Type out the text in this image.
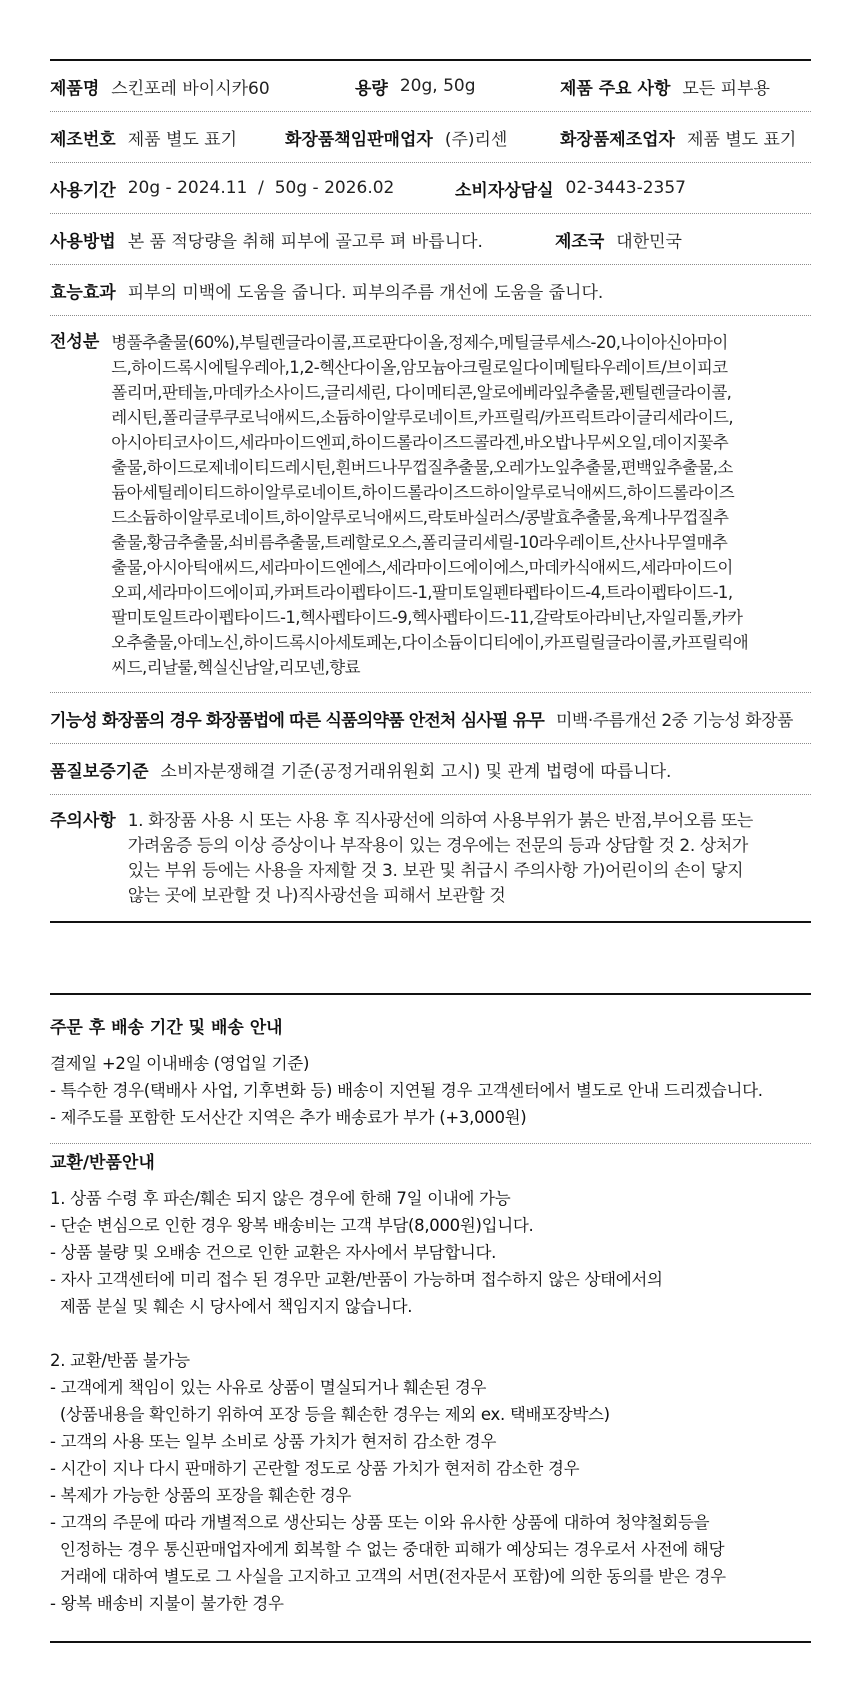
제품명 스킨포레 바이시카60	용량 20g, 50g	제품 주요 사항 모든 피부용
제조번호 제품 별도 표기	화장품책임판매업자 (주)리센	화장품제조업자 제품 별도 표기
사용기간 20g - 2024.11  /  50g - 2026.02	소비자상담실 02-3443-2357
사용방법 본 품 적당량을 취해 피부에 골고루 펴 바릅니다.	제조국 대한민국
효능효과 피부의 미백에 도움을 줍니다. 피부의주름 개선에 도움을 줍니다.
전성분 병풀추출물(60%),부틸렌글라이콜,프로판다이올,정제수,메틸글루세스-20,나이아신아마이
드,하이드록시에틸우레아,1,2-헥산다이올,암모늄아크릴로일다이메틸타우레이트/브이피코
폴리머,판테놀,마데카소사이드,글리세린, 다이메티콘,알로에베라잎추출물,펜틸렌글라이콜,
레시틴,폴리글루쿠로닉애씨드,소듐하이알루로네이트,카프릴릭/카프릭트라이글리세라이드,
아시아티코사이드,세라마이드엔피,하이드롤라이즈드콜라겐,바오밥나무씨오일,데이지꽃추
출물,하이드로제네이티드레시틴,흰버드나무껍질추출물,오레가노잎추출물,편백잎추출물,소
듐아세틸레이티드하이알루로네이트,하이드롤라이즈드하이알루로닉애씨드,하이드롤라이즈
드소듐하이알루로네이트,하이알루로닉애씨드,락토바실러스/콩발효추출물,육계나무껍질추
출물,황금추출물,쇠비름추출물,트레할로오스,폴리글리세릴-10라우레이트,산사나무열매추
출물,아시아틱애씨드,세라마이드엔에스,세라마이드에이에스,마데카식애씨드,세라마이드이
오피,세라마이드에이피,카퍼트라이펩타이드-1,팔미토일펜타펩타이드-4,트라이펩타이드-1,
팔미토일트라이펩타이드-1,헥사펩타이드-9,헥사펩타이드-11,갈락토아라비난,자일리톨,카카
오추출물,아데노신,하이드록시아세토페논,다이소듐이디티에이,카프릴릴글라이콜,카프릴릭애
씨드,리날룰,헥실신남알,리모넨,향료
기능성 화장품의 경우 화장품법에 따른 식품의약품 안전처 심사필 유무 미백·주름개선 2중 기능성 화장품
품질보증기준 소비자분쟁해결 기준(공정거래위원회 고시) 및 관계 법령에 따릅니다.
주의사항 1. 화장품 사용 시 또는 사용 후 직사광선에 의하여 사용부위가 붉은 반점,부어오름 또는
가려움증 등의 이상 증상이나 부작용이 있는 경우에는 전문의 등과 상담할 것 2. 상처가
있는 부위 등에는 사용을 자제할 것 3. 보관 및 취급시 주의사항 가)어린이의 손이 닿지
않는 곳에 보관할 것 나)직사광선을 피해서 보관할 것
주문 후 배송 기간 및 배송 안내

결제일 +2일 이내배송 (영업일 기준)

- 특수한 경우(택배사 사업, 기후변화 등) 배송이 지연될 경우 고객센터에서 별도로 안내 드리겠습니다.

- 제주도를 포함한 도서산간 지역은 추가 배송료가 부가 (+3,000원)

교환/반품안내

1. 상품 수령 후 파손/훼손 되지 않은 경우에 한해 7일 이내에 가능

- 단순 변심으로 인한 경우 왕복 배송비는 고객 부담(8,000원)입니다.

- 상품 불량 및 오배송 건으로 인한 교환은 자사에서 부담합니다.

- 자사 고객센터에 미리 접수 된 경우만 교환/반품이 가능하며 접수하지 않은 상태에서의

제품 분실 및 훼손 시 당사에서 책임지지 않습니다.

2. 교환/반품 불가능

- 고객에게 책임이 있는 사유로 상품이 멸실되거나 훼손된 경우

(상품내용을 확인하기 위하여 포장 등을 훼손한 경우는 제외 ex. 택배포장박스)

- 고객의 사용 또는 일부 소비로 상품 가치가 현저히 감소한 경우

- 시간이 지나 다시 판매하기 곤란할 정도로 상품 가치가 현저히 감소한 경우

- 복제가 가능한 상품의 포장을 훼손한 경우

- 고객의 주문에 따라 개별적으로 생산되는 상품 또는 이와 유사한 상품에 대하여 청약철회등을

인정하는 경우 통신판매업자에게 회복할 수 없는 중대한 피해가 예상되는 경우로서 사전에 해당

거래에 대하여 별도로 그 사실을 고지하고 고객의 서면(전자문서 포함)에 의한 동의를 받은 경우

- 왕복 배송비 지불이 불가한 경우
